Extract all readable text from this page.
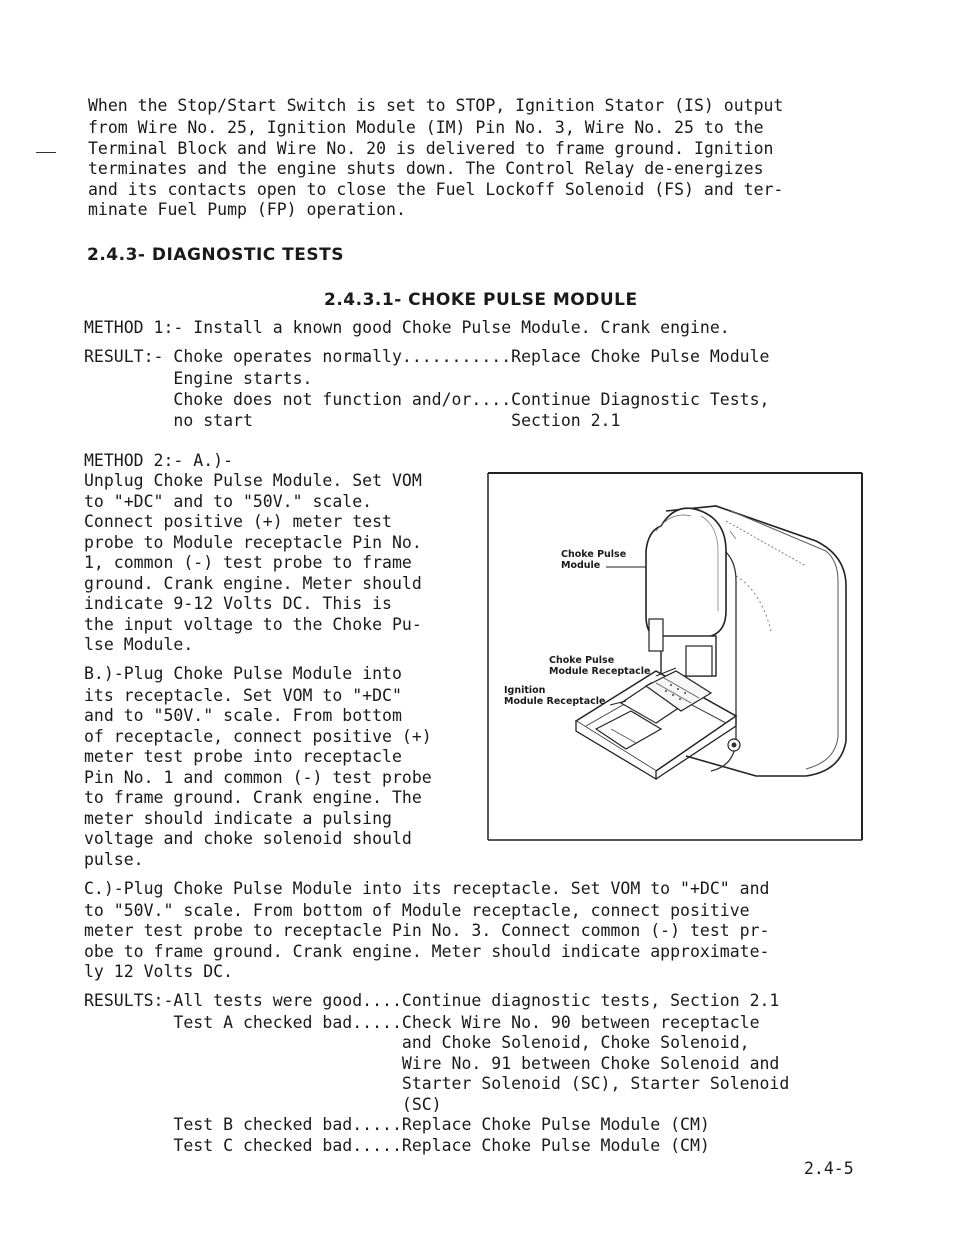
When the Stop/Start Switch is set to STOP, Ignition Stator (IS) output
from Wire No. 25, Ignition Module (IM) Pin No. 3, Wire No. 25 to the
Terminal Block and Wire No. 20 is delivered to frame ground. Ignition
terminates and the engine shuts down. The Control Relay de-energizes
and its contacts open to close the Fuel Lockoff Solenoid (FS) and ter-
minate Fuel Pump (FP) operation.
2.4.3- DIAGNOSTIC TESTS
2.4.3.1- CHOKE PULSE MODULE
METHOD 1:- Install a known good Choke Pulse Module. Crank engine.
RESULT:- Choke operates normally...........Replace Choke Pulse Module
Engine starts.
Choke does not function and/or....Continue Diagnostic Tests,
no start                          Section 2.1
METHOD 2:- A.)-
Unplug Choke Pulse Module. Set VOM
to "+DC" and to "50V." scale.
Connect positive (+) meter test
probe to Module receptacle Pin No.
1, common (-) test probe to frame
ground. Crank engine. Meter should
indicate 9-12 Volts DC. This is
the input voltage to the Choke Pu-
lse Module.
B.)-Plug Choke Pulse Module into
its receptacle. Set VOM to "+DC"
and to "50V." scale. From bottom
of receptacle, connect positive (+)
meter test probe into receptacle
Pin No. 1 and common (-) test probe
to frame ground. Crank engine. The
meter should indicate a pulsing
voltage and choke solenoid should
pulse.
Choke Pulse
Module
Choke Pulse
Module Receptacle
Ignition
Module Receptacle
C.)-Plug Choke Pulse Module into its receptacle. Set VOM to "+DC" and
to "50V." scale. From bottom of Module receptacle, connect positive
meter test probe to receptacle Pin No. 3. Connect common (-) test pr-
obe to frame ground. Crank engine. Meter should indicate approximate-
ly 12 Volts DC.
RESULTS:-All tests were good....Continue diagnostic tests, Section 2.1
Test A checked bad.....Check Wire No. 90 between receptacle
and Choke Solenoid, Choke Solenoid,
Wire No. 91 between Choke Solenoid and
Starter Solenoid (SC), Starter Solenoid
(SC)
Test B checked bad.....Replace Choke Pulse Module (CM)
Test C checked bad.....Replace Choke Pulse Module (CM)
2.4-5
